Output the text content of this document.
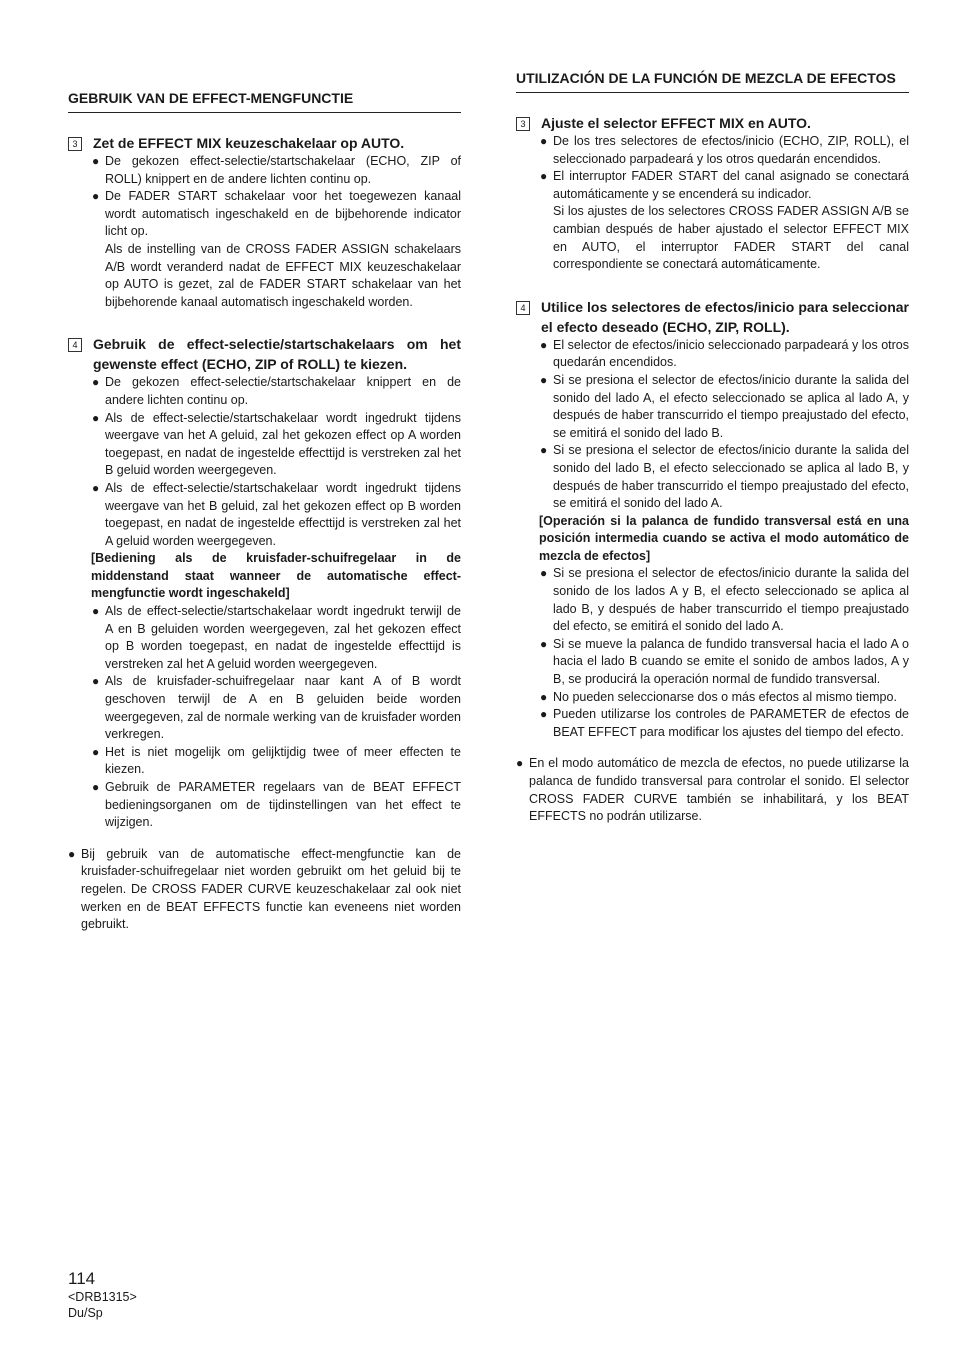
GEBRUIK VAN DE EFFECT-MENGFUNCTIE
3	Zet de EFFECT MIX keuzeschakelaar op AUTO.
● De gekozen effect-selectie/startschakelaar (ECHO, ZIP of ROLL) knippert en de andere lichten continu op.
● De FADER START schakelaar voor het toegewezen kanaal wordt automatisch ingeschakeld en de bijbehorende indicator licht op.
Als de instelling van de CROSS FADER ASSIGN schakelaars A/B wordt veranderd nadat de EFFECT MIX keuzeschakelaar op AUTO is gezet, zal de FADER START schakelaar van het bijbehorende kanaal automatisch ingeschakeld worden.
4	Gebruik de effect-selectie/startschakelaars om het gewenste effect (ECHO, ZIP of ROLL) te kiezen.
● De gekozen effect-selectie/startschakelaar knippert en de andere lichten continu op.
● Als de effect-selectie/startschakelaar wordt ingedrukt tijdens weergave van het A geluid, zal het gekozen effect op A worden toegepast, en nadat de ingestelde effecttijd is verstreken zal het B geluid worden weergegeven.
● Als de effect-selectie/startschakelaar wordt ingedrukt tijdens weergave van het B geluid, zal het gekozen effect op B worden toegepast, en nadat de ingestelde effecttijd is verstreken zal het A geluid worden weergegeven.
[Bediening als de kruisfader-schuifregelaar in de middenstand staat wanneer de automatische effect-mengfunctie wordt ingeschakeld]
● Als de effect-selectie/startschakelaar wordt ingedrukt terwijl de A en B geluiden worden weergegeven, zal het gekozen effect op B worden toegepast, en nadat de ingestelde effecttijd is verstreken zal het A geluid worden weergegeven.
● Als de kruisfader-schuifregelaar naar kant A of B wordt geschoven terwijl de A en B geluiden beide worden weergegeven, zal de normale werking van de kruisfader worden verkregen.
● Het is niet mogelijk om gelijktijdig twee of meer effecten te kiezen.
● Gebruik de PARAMETER regelaars van de BEAT EFFECT bedieningsorganen om de tijdinstellingen van het effect te wijzigen.
● Bij gebruik van de automatische effect-mengfunctie kan de kruisfader-schuifregelaar niet worden gebruikt om het geluid bij te regelen. De CROSS FADER CURVE keuzeschakelaar zal ook niet werken en de BEAT EFFECTS functie kan eveneens niet worden gebruikt.
UTILIZACIÓN DE LA FUNCIÓN DE MEZCLA DE EFECTOS
3	Ajuste el selector EFFECT MIX en AUTO.
● De los tres selectores de efectos/inicio (ECHO, ZIP, ROLL), el seleccionado parpadeará y los otros quedarán encendidos.
● El interruptor FADER START del canal asignado se conectará automáticamente y se encenderá su indicador.
Si los ajustes de los selectores CROSS FADER ASSIGN A/B se cambian después de haber ajustado el selector EFFECT MIX en AUTO, el interruptor FADER START del canal correspondiente se conectará automáticamente.
4	Utilice los selectores de efectos/inicio para seleccionar el efecto deseado (ECHO, ZIP, ROLL).
● El selector de efectos/inicio seleccionado parpadeará y los otros quedarán encendidos.
● Si se presiona el selector de efectos/inicio durante la salida del sonido del lado A, el efecto seleccionado se aplica al lado A, y después de haber transcurrido el tiempo preajustado del efecto, se emitirá el sonido del lado B.
● Si se presiona el selector de efectos/inicio durante la salida del sonido del lado B, el efecto seleccionado se aplica al lado B, y después de haber transcurrido el tiempo preajustado del efecto, se emitirá el sonido del lado A.
[Operación si la palanca de fundido transversal está en una posición intermedia cuando se activa el modo automático de mezcla de efectos]
● Si se presiona el selector de efectos/inicio durante la salida del sonido de los lados A y B, el efecto seleccionado se aplica al lado B, y después de haber transcurrido el tiempo preajustado del efecto, se emitirá el sonido del lado A.
● Si se mueve la palanca de fundido transversal hacia el lado A o hacia el lado B cuando se emite el sonido de ambos lados, A y B, se producirá la operación normal de fundido transversal.
● No pueden seleccionarse dos o más efectos al mismo tiempo.
● Pueden utilizarse los controles de PARAMETER de efectos de BEAT EFFECT para modificar los ajustes del tiempo del efecto.
● En el modo automático de mezcla de efectos, no puede utilizarse la palanca de fundido transversal para controlar el sonido. El selector CROSS FADER CURVE también se inhabilitará, y los BEAT EFFECTS no podrán utilizarse.
114
<DRB1315>
Du/Sp
